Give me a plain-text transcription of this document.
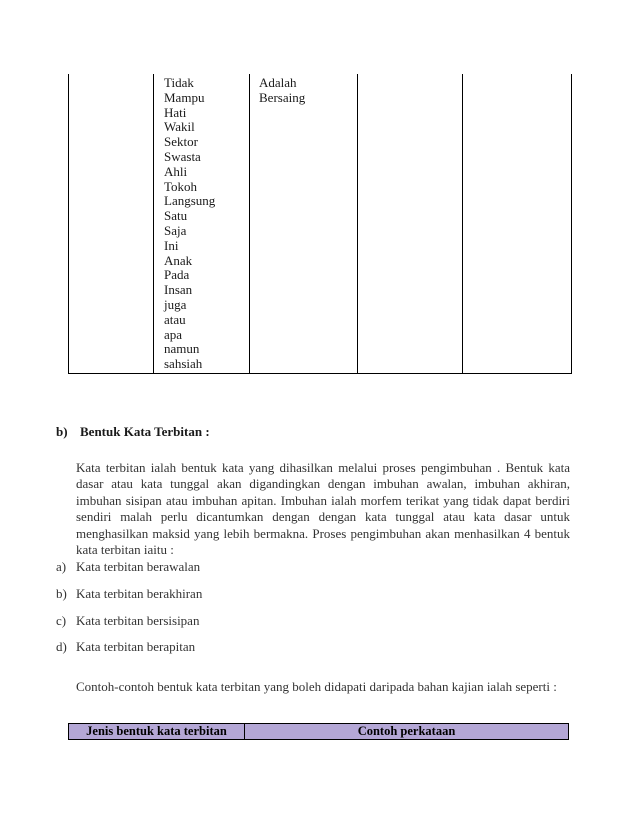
Tidak
Mampu
Hati
Wakil
Sektor
Swasta
Ahli
Tokoh
Langsung
Satu
Saja
Ini
Anak
Pada
Insan
juga
atau
apa
namun
sahsiah
Adalah
Bersaing
b) Bentuk Kata Terbitan :
Kata terbitan ialah bentuk kata yang dihasilkan melalui proses pengimbuhan . Bentuk kata dasar atau kata tunggal akan digandingkan dengan imbuhan awalan, imbuhan akhiran, imbuhan sisipan atau imbuhan apitan. Imbuhan ialah morfem terikat yang tidak dapat berdiri sendiri malah perlu dicantumkan dengan dengan kata tunggal atau kata dasar untuk menghasilkan maksid yang lebih bermakna. Proses pengimbuhan akan menhasilkan 4 bentuk kata terbitan iaitu :
a) Kata terbitan berawalan
b) Kata terbitan berakhiran
c) Kata terbitan bersisipan
d) Kata terbitan berapitan
Contoh-contoh bentuk kata terbitan yang boleh didapati daripada bahan kajian ialah seperti :
Jenis bentuk kata terbitan	Contoh perkataan
